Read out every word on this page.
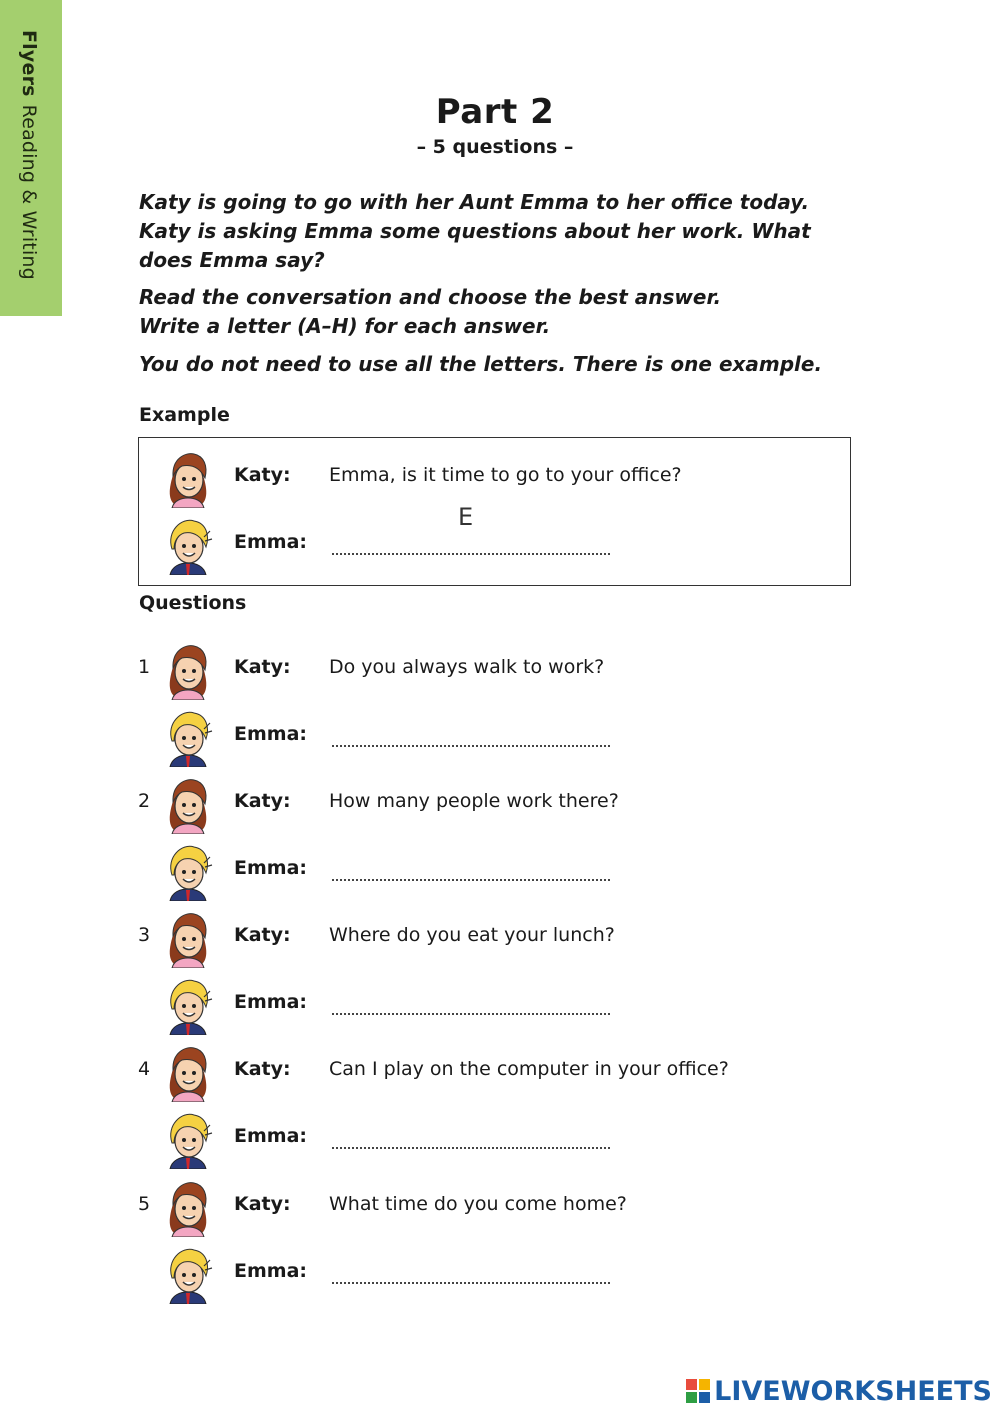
FlyersReading & Writing	Part 2
– 5 questions –
Katy is going to go with her Aunt Emma to her office today.
Katy is asking Emma some questions about her work. What does Emma say?
Read the conversation and choose the best answer.
Write a letter (A–H) for each answer.
You do not need to use all the letters. There is one example.
Example
Katy: Emma, is it time to go to your office?
Emma:
E
Questions
1	Katy: Do you always walk to work?
Emma:
2	Katy: How many people work there?
Emma:
3	Katy: Where do you eat your lunch?
Emma:
4	Katy: Can I play on the computer in your office?
Emma:
5	Katy: What time do you come home?
Emma:
LIVEWORKSHEETS
